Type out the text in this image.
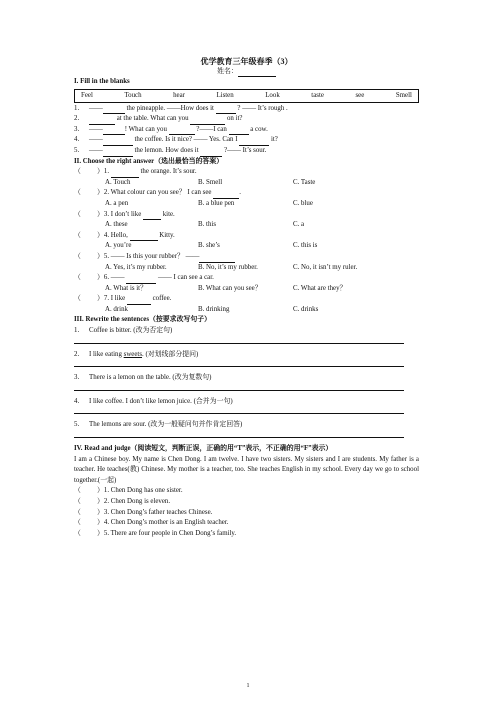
优学教育三年级春季（3）
姓名：
I. Fill in the blanks
Feel	Touch	hear	Listen	Look	taste	see	Smell
1.	——	the pineapple. ——How does it	? —— It’s rough .
2.	at the table. What can you	on it?
3.	——	! What can you	?——I can	a cow.
4.	——	the coffee. Is it nice? —— Yes. Can I	it?
5.	——	the lemon. How does it	?—— It’s sour.
II. Choose the right answer（选出最恰当的答案）
（	）1.	the orange. It’s sour.
A. Touch	B. Smell	C. Taste
（	）2. What colour can you see？ I can see	.
A. a pen	B. a blue pen	C. blue
（	）3. I don’t like	kite.
A. these	B. this	C. a
（	）4. Hello,	Kitty.
A. you’re	B. she’s	C. this is
（	）5. —— Is this your rubber？ ——
A. Yes, it’s my rubber.	B. No, it’s my rubber.	C. No, it isn’t my ruler.
（	）6. ——	—— I can see a car.
A. What is it？	B. What can you see？	C. What are they？
（	）7. I like	coffee.
A. drink	B. drinking	C. drinks
III. Rewrite the sentences（按要求改写句子）
1.	Coffee is bitter. (改为否定句)
2.	I like eating sweets. (对划线部分提问)
3.	There is a lemon on the table. (改为复数句)
4.	I like coffee. I don’t like lemon juice. (合并为一句)
5.	The lemons are sour. (改为一般疑问句并作肯定回答)
IV. Read and judge（阅读短文，判断正误，正确的用“T”表示，不正确的用“F”表示）
I am a Chinese boy. My name is Chen Dong. I am twelve. I have two sisters. My sisters and I are students. My father is a teacher. He teaches(教) Chinese. My mother is a teacher, too. She teaches English in my school. Every day we go to school together.(一起)
（	）1. Chen Dong has one sister.
（	）2. Chen Dong is eleven.
（	）3. Chen Dong’s father teaches Chinese.
（	）4. Chen Dong’s mother is an English teacher.
（	）5. There are four people in Chen Dong’s family.
1
